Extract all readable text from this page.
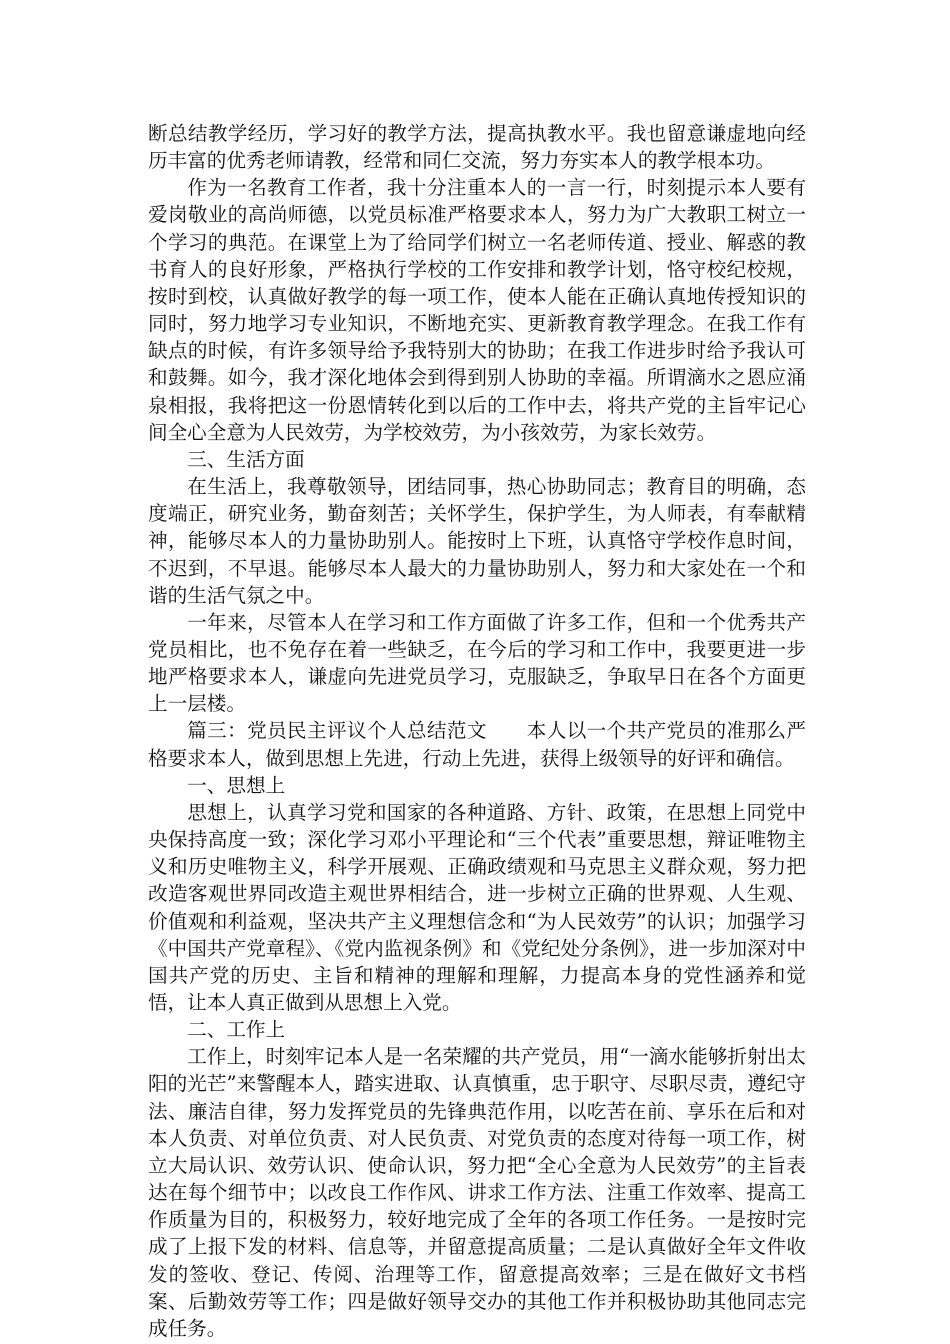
断总结教学经历，学习好的教学方法，提高执教水平。我也留意谦虚地向经历丰富的优秀老师请教，经常和同仁交流，努力夯实本人的教学根本功。

作为一名教育工作者，我十分注重本人的一言一行，时刻提示本人要有爱岗敬业的高尚师德，以党员标准严格要求本人，努力为广大教职工树立一个学习的典范。在课堂上为了给同学们树立一名老师传道、授业、解惑的教书育人的良好形象，严格执行学校的工作安排和教学计划，恪守校纪校规，按时到校，认真做好教学的每一项工作，使本人能在正确认真地传授知识的同时，努力地学习专业知识，不断地充实、更新教育教学理念。在我工作有缺点的时候，有许多领导给予我特别大的协助；在我工作进步时给予我认可和鼓舞。如今，我才深化地体会到得到别人协助的幸福。所谓滴水之恩应涌泉相报，我将把这一份恩情转化到以后的工作中去，将共产党的主旨牢记心间全心全意为人民效劳，为学校效劳，为小孩效劳，为家长效劳。

三、生活方面

在生活上，我尊敬领导，团结同事，热心协助同志；教育目的明确，态度端正，研究业务，勤奋刻苦；关怀学生，保护学生，为人师表，有奉献精神，能够尽本人的力量协助别人。能按时上下班，认真恪守学校作息时间，不迟到，不早退。能够尽本人最大的力量协助别人，努力和大家处在一个和谐的生活气氛之中。

一年来，尽管本人在学习和工作方面做了许多工作，但和一个优秀共产党员相比，也不免存在着一些缺乏，在今后的学习和工作中，我要更进一步地严格要求本人，谦虚向先进党员学习，克服缺乏，争取早日在各个方面更上一层楼。

篇三：党员民主评议个人总结范文　　本人以一个共产党员的准那么严格要求本人，做到思想上先进，行动上先进，获得上级领导的好评和确信。

一、思想上

思想上，认真学习党和国家的各种道路、方针、政策，在思想上同党中央保持高度一致；深化学习邓小平理论和“三个代表”重要思想，辩证唯物主义和历史唯物主义，科学开展观、正确政绩观和马克思主义群众观，努力把改造客观世界同改造主观世界相结合，进一步树立正确的世界观、人生观、价值观和利益观，坚决共产主义理想信念和“为人民效劳”的认识；加强学习《中国共产党章程》、《党内监视条例》和《党纪处分条例》，进一步加深对中国共产党的历史、主旨和精神的理解和理解，力提高本身的党性涵养和觉悟，让本人真正做到从思想上入党。

二、工作上

工作上，时刻牢记本人是一名荣耀的共产党员，用“一滴水能够折射出太阳的光芒”来警醒本人，踏实进取、认真慎重，忠于职守、尽职尽责，遵纪守法、廉洁自律，努力发挥党员的先锋典范作用，以吃苦在前、享乐在后和对本人负责、对单位负责、对人民负责、对党负责的态度对待每一项工作，树立大局认识、效劳认识、使命认识，努力把“全心全意为人民效劳”的主旨表达在每个细节中；以改良工作作风、讲求工作方法、注重工作效率、提高工作质量为目的，积极努力，较好地完成了全年的各项工作任务。一是按时完成了上报下发的材料、信息等，并留意提高质量；二是认真做好全年文件收发的签收、登记、传阅、治理等工作，留意提高效率；三是在做好文书档案、后勤效劳等工作；四是做好领导交办的其他工作并积极协助其他同志完成任务。
